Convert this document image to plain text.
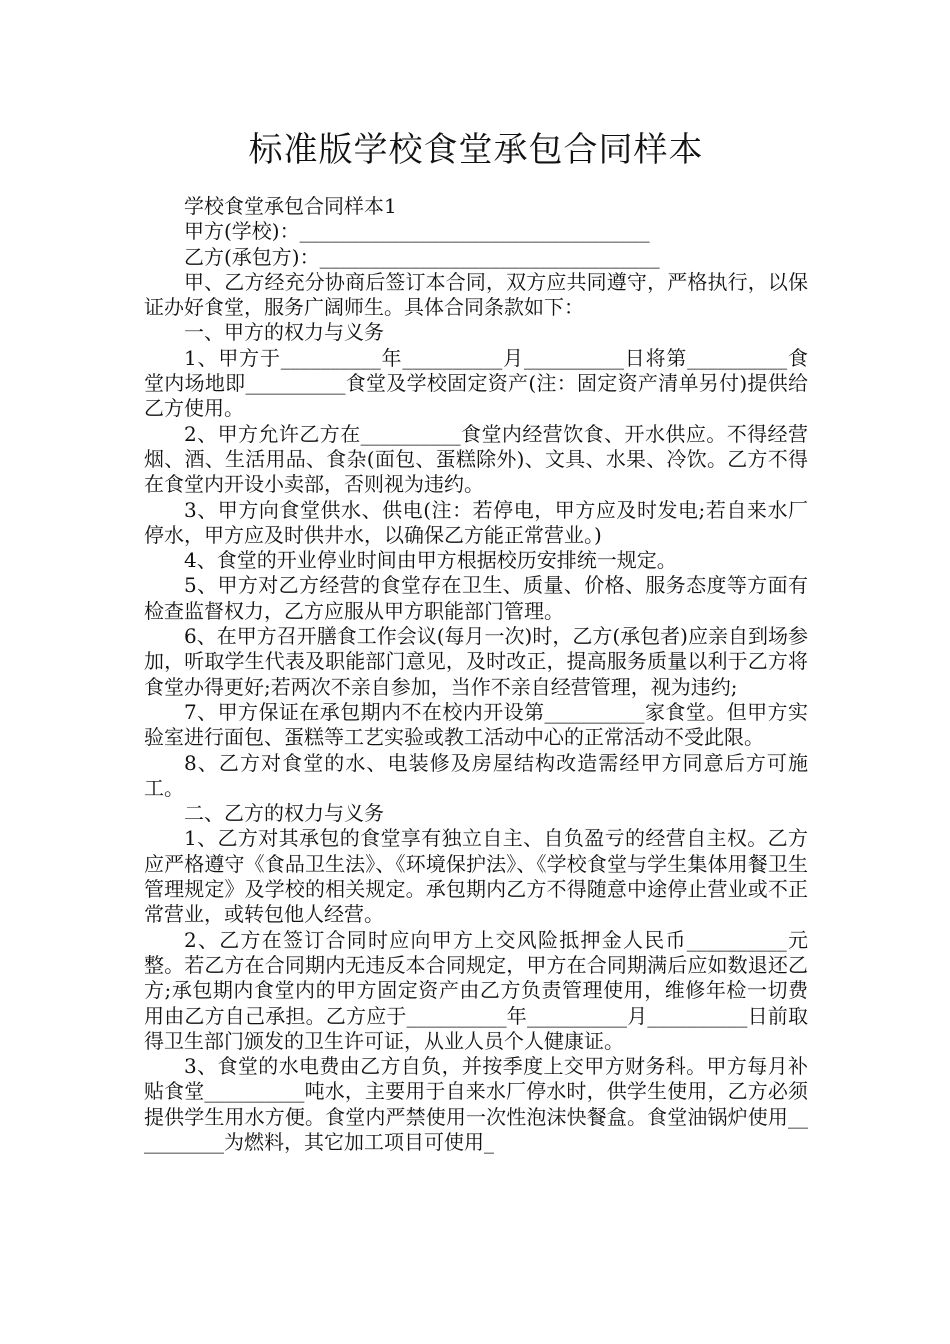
标准版学校食堂承包合同样本

学校食堂承包合同样本1

甲方(学校)：___________________________________

乙方(承包方)：__________________________________

甲、乙方经充分协商后签订本合同，双方应共同遵守，严格执行，以保证办好食堂，服务广阔师生。具体合同条款如下：

一、甲方的权力与义务

1、甲方于__________年__________月__________日将第__________食堂内场地即__________食堂及学校固定资产(注：固定资产清单另付)提供给乙方使用。

2、甲方允许乙方在__________食堂内经营饮食、开水供应。不得经营烟、酒、生活用品、食杂(面包、蛋糕除外)、文具、水果、冷饮。乙方不得在食堂内开设小卖部，否则视为违约。

3、甲方向食堂供水、供电(注：若停电，甲方应及时发电;若自来水厂停水，甲方应及时供井水，以确保乙方能正常营业。)

4、食堂的开业停业时间由甲方根据校历安排统一规定。

5、甲方对乙方经营的食堂存在卫生、质量、价格、服务态度等方面有检查监督权力，乙方应服从甲方职能部门管理。

6、在甲方召开膳食工作会议(每月一次)时，乙方(承包者)应亲自到场参加，听取学生代表及职能部门意见，及时改正，提高服务质量以利于乙方将食堂办得更好;若两次不亲自参加，当作不亲自经营管理，视为违约;

7、甲方保证在承包期内不在校内开设第__________家食堂。但甲方实验室进行面包、蛋糕等工艺实验或教工活动中心的正常活动不受此限。

8、乙方对食堂的水、电装修及房屋结构改造需经甲方同意后方可施工。

二、乙方的权力与义务

1、乙方对其承包的食堂享有独立自主、自负盈亏的经营自主权。乙方应严格遵守《食品卫生法》、《环境保护法》、《学校食堂与学生集体用餐卫生管理规定》及学校的相关规定。承包期内乙方不得随意中途停止营业或不正常营业，或转包他人经营。

2、乙方在签订合同时应向甲方上交风险抵押金人民币__________元整。若乙方在合同期内无违反本合同规定，甲方在合同期满后应如数退还乙方;承包期内食堂内的甲方固定资产由乙方负责管理使用，维修年检一切费用由乙方自己承担。乙方应于__________年__________月__________日前取得卫生部门颁发的卫生许可证，从业人员个人健康证。

3、食堂的水电费由乙方自负，并按季度上交甲方财务科。甲方每月补贴食堂__________吨水，主要用于自来水厂停水时，供学生使用，乙方必须提供学生用水方便。食堂内严禁使用一次性泡沫快餐盒。食堂油锅炉使用__________为燃料，其它加工项目可使用_
